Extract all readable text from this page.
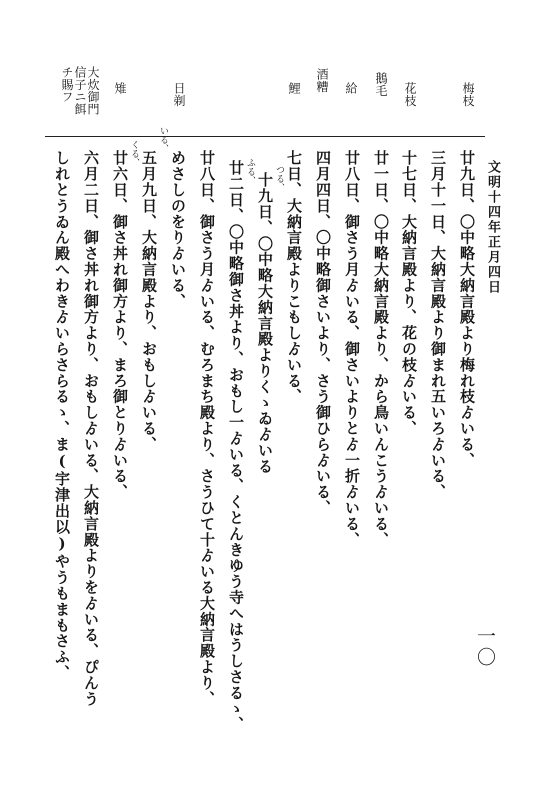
一〇
梅枝
花枝
鵝毛
給
酒糟
鯉
日剃
雉
大炊御門
信子ニ餌
チ賜フ
文明十四年正月四日
廿九日、〇中略大納言殿より梅れ枝ゟいる、
三月十一日、大納言殿より御まれ五いろゟいる、
十七日、大納言殿より、花の枝ゟいる、
廿一日、〇中略大納言殿より、から鳥いんこうゟいる、
廿八日、御さう月ゟいる、御さいよりとゟ一折ゟいる、
四月四日、〇中略御さいより、さう御ひらゟいる、
七日、大納言殿よりこもしゟいる、
十九日、〇中略大納言殿よりくゝゐゟいる
廿二日、〇中略御さ丼より、おもし一ゟいる、くとんきゆう寺へはうしさるゝ、
廿八日、御さう月ゟいる、むろまち殿より、さうひて十ゟいる大納言殿より、
めさしのをりゟいる、
五月九日、大納言殿より、おもしゟいる、
廿六日、御さ丼れ御方より、まろ御とりゟいる、
六月二日、御さ丼れ御方より、おもしゟいる、大納言殿よりをゟいる、ぴんう
しれとうゐん殿へわきゟいらさらるゝ、ま(宇津出以)やうもまもさふ、	つる、
ふる、
いる、
くる、
